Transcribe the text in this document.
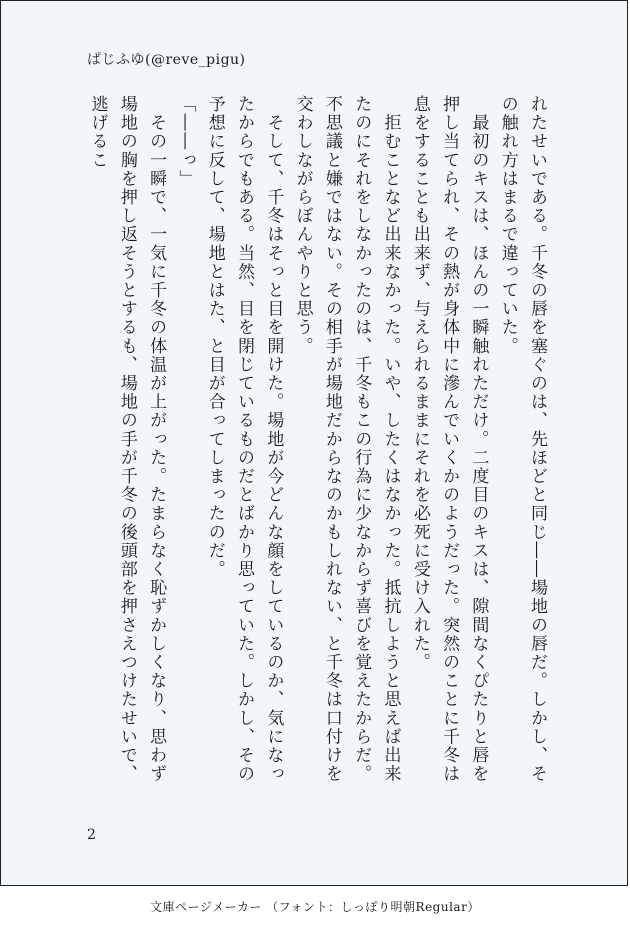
ぱじふゆ(@reve_pigu)

れたせいである。千冬の唇を塞ぐのは、先ほどと同じ――場地の唇だ。しかし、その触れ方はまるで違っていた。

　最初のキスは、ほんの一瞬触れただけ。二度目のキスは、隙間なくぴたりと唇を押し当てられ、その熱が身体中に滲んでいくかのようだった。突然のことに千冬は息をすることも出来ず、与えられるままにそれを必死に受け入れた。

　拒むことなど出来なかった。いや、したくはなかった。抵抗しようと思えば出来たのにそれをしなかったのは、千冬もこの行為に少なからず喜びを覚えたからだ。不思議と嫌ではない。その相手が場地だからなのかもしれない、と千冬は口付けを交わしながらぼんやりと思う。

　そして、千冬はそっと目を開けた。場地が今どんな顔をしているのか、気になったからでもある。当然、目を閉じているものだとばかり思っていた。しかし、その予想に反して、場地とはた、と目が合ってしまったのだ。

「――っ」

　その一瞬で、一気に千冬の体温が上がった。たまらなく恥ずかしくなり、思わず場地の胸を押し返そうとするも、場地の手が千冬の後頭部を押さえつけたせいで、逃げるこ

2
文庫ページメーカー （フォント：しっぽり明朝Regular）
